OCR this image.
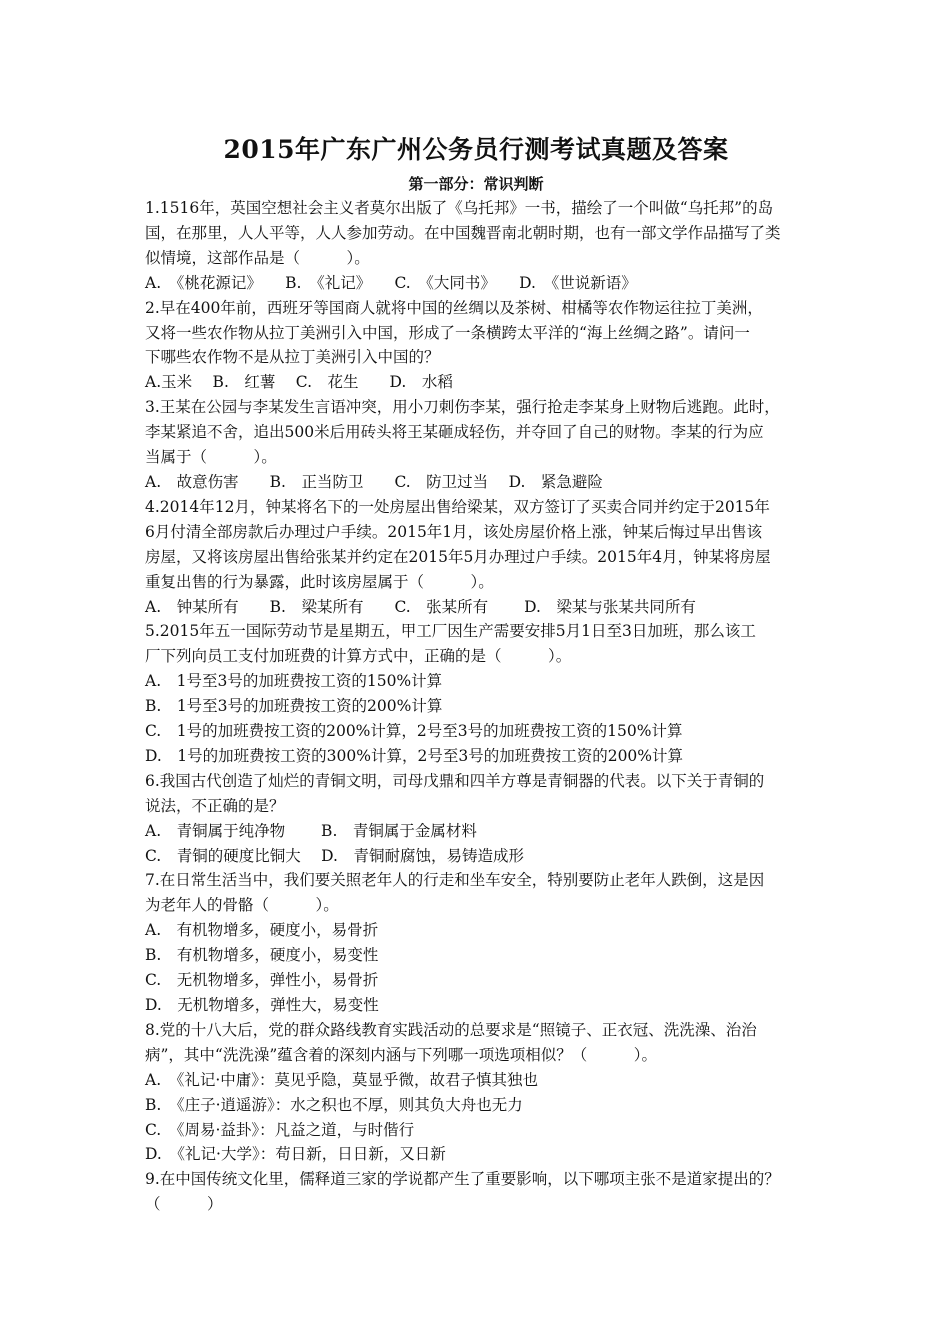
2015年广东广州公务员行测考试真题及答案
第一部分：常识判断

1.1516年，英国空想社会主义者莫尔出版了《乌托邦》一书，描绘了一个叫做“乌托邦”的岛

国，在那里，人人平等，人人参加劳动。在中国魏晋南北朝时期，也有一部文学作品描写了类

似情境，这部作品是（　　　）。

A.　《桃花源记》　　B.　《礼记》　　C.　《大同书》　　D.　《世说新语》

2.早在400年前，西班牙等国商人就将中国的丝绸以及茶树、柑橘等农作物运往拉丁美洲，

又将一些农作物从拉丁美洲引入中国，形成了一条横跨太平洋的“海上丝绸之路”。请问一

下哪些农作物不是从拉丁美洲引入中国的？

A.玉米　 B.　红薯　 C.　花生　　D.　水稻

3.王某在公园与李某发生言语冲突，用小刀刺伤李某，强行抢走李某身上财物后逃跑。此时，

李某紧追不舍，追出500米后用砖头将王某砸成轻伤，并夺回了自己的财物。李某的行为应

当属于（　　　）。

A.　故意伤害　　B.　正当防卫　　C.　防卫过当　 D.　紧急避险

4.2014年12月，钟某将名下的一处房屋出售给梁某，双方签订了买卖合同并约定于2015年

6月付清全部房款后办理过户手续。2015年1月，该处房屋价格上涨，钟某后悔过早出售该

房屋，又将该房屋出售给张某并约定在2015年5月办理过户手续。2015年4月，钟某将房屋

重复出售的行为暴露，此时该房屋属于（　　　）。

A.　钟某所有　　B.　梁某所有　　C.　张某所有　　 D.　梁某与张某共同所有

5.2015年五一国际劳动节是星期五，甲工厂因生产需要安排5月1日至3日加班，那么该工

厂下列向员工支付加班费的计算方式中，正确的是（　　　）。

A.　1号至3号的加班费按工资的150%计算

B.　1号至3号的加班费按工资的200%计算

C.　1号的加班费按工资的200%计算，2号至3号的加班费按工资的150%计算

D.　1号的加班费按工资的300%计算，2号至3号的加班费按工资的200%计算

6.我国古代创造了灿烂的青铜文明，司母戊鼎和四羊方尊是青铜器的代表。以下关于青铜的

说法，不正确的是？

A.　青铜属于纯净物　　 B.　青铜属于金属材料

C.　青铜的硬度比铜大　 D.　青铜耐腐蚀，易铸造成形

7.在日常生活当中，我们要关照老年人的行走和坐车安全，特别要防止老年人跌倒，这是因

为老年人的骨骼（　　　）。

A.　有机物增多，硬度小，易骨折

B.　有机物增多，硬度小，易变性

C.　无机物增多，弹性小，易骨折

D.　无机物增多，弹性大，易变性

8.党的十八大后，党的群众路线教育实践活动的总要求是“照镜子、正衣冠、洗洗澡、治治

病”，其中“洗洗澡”蕴含着的深刻内涵与下列哪一项选项相似？（　　　）。

A.　《礼记·中庸》：莫见乎隐，莫显乎微，故君子慎其独也

B.　《庄子·逍遥游》：水之积也不厚，则其负大舟也无力

C.　《周易·益卦》：凡益之道，与时偕行

D.　《礼记·大学》：苟日新，日日新，又日新

9.在中国传统文化里，儒释道三家的学说都产生了重要影响，以下哪项主张不是道家提出的？

（　　　）
